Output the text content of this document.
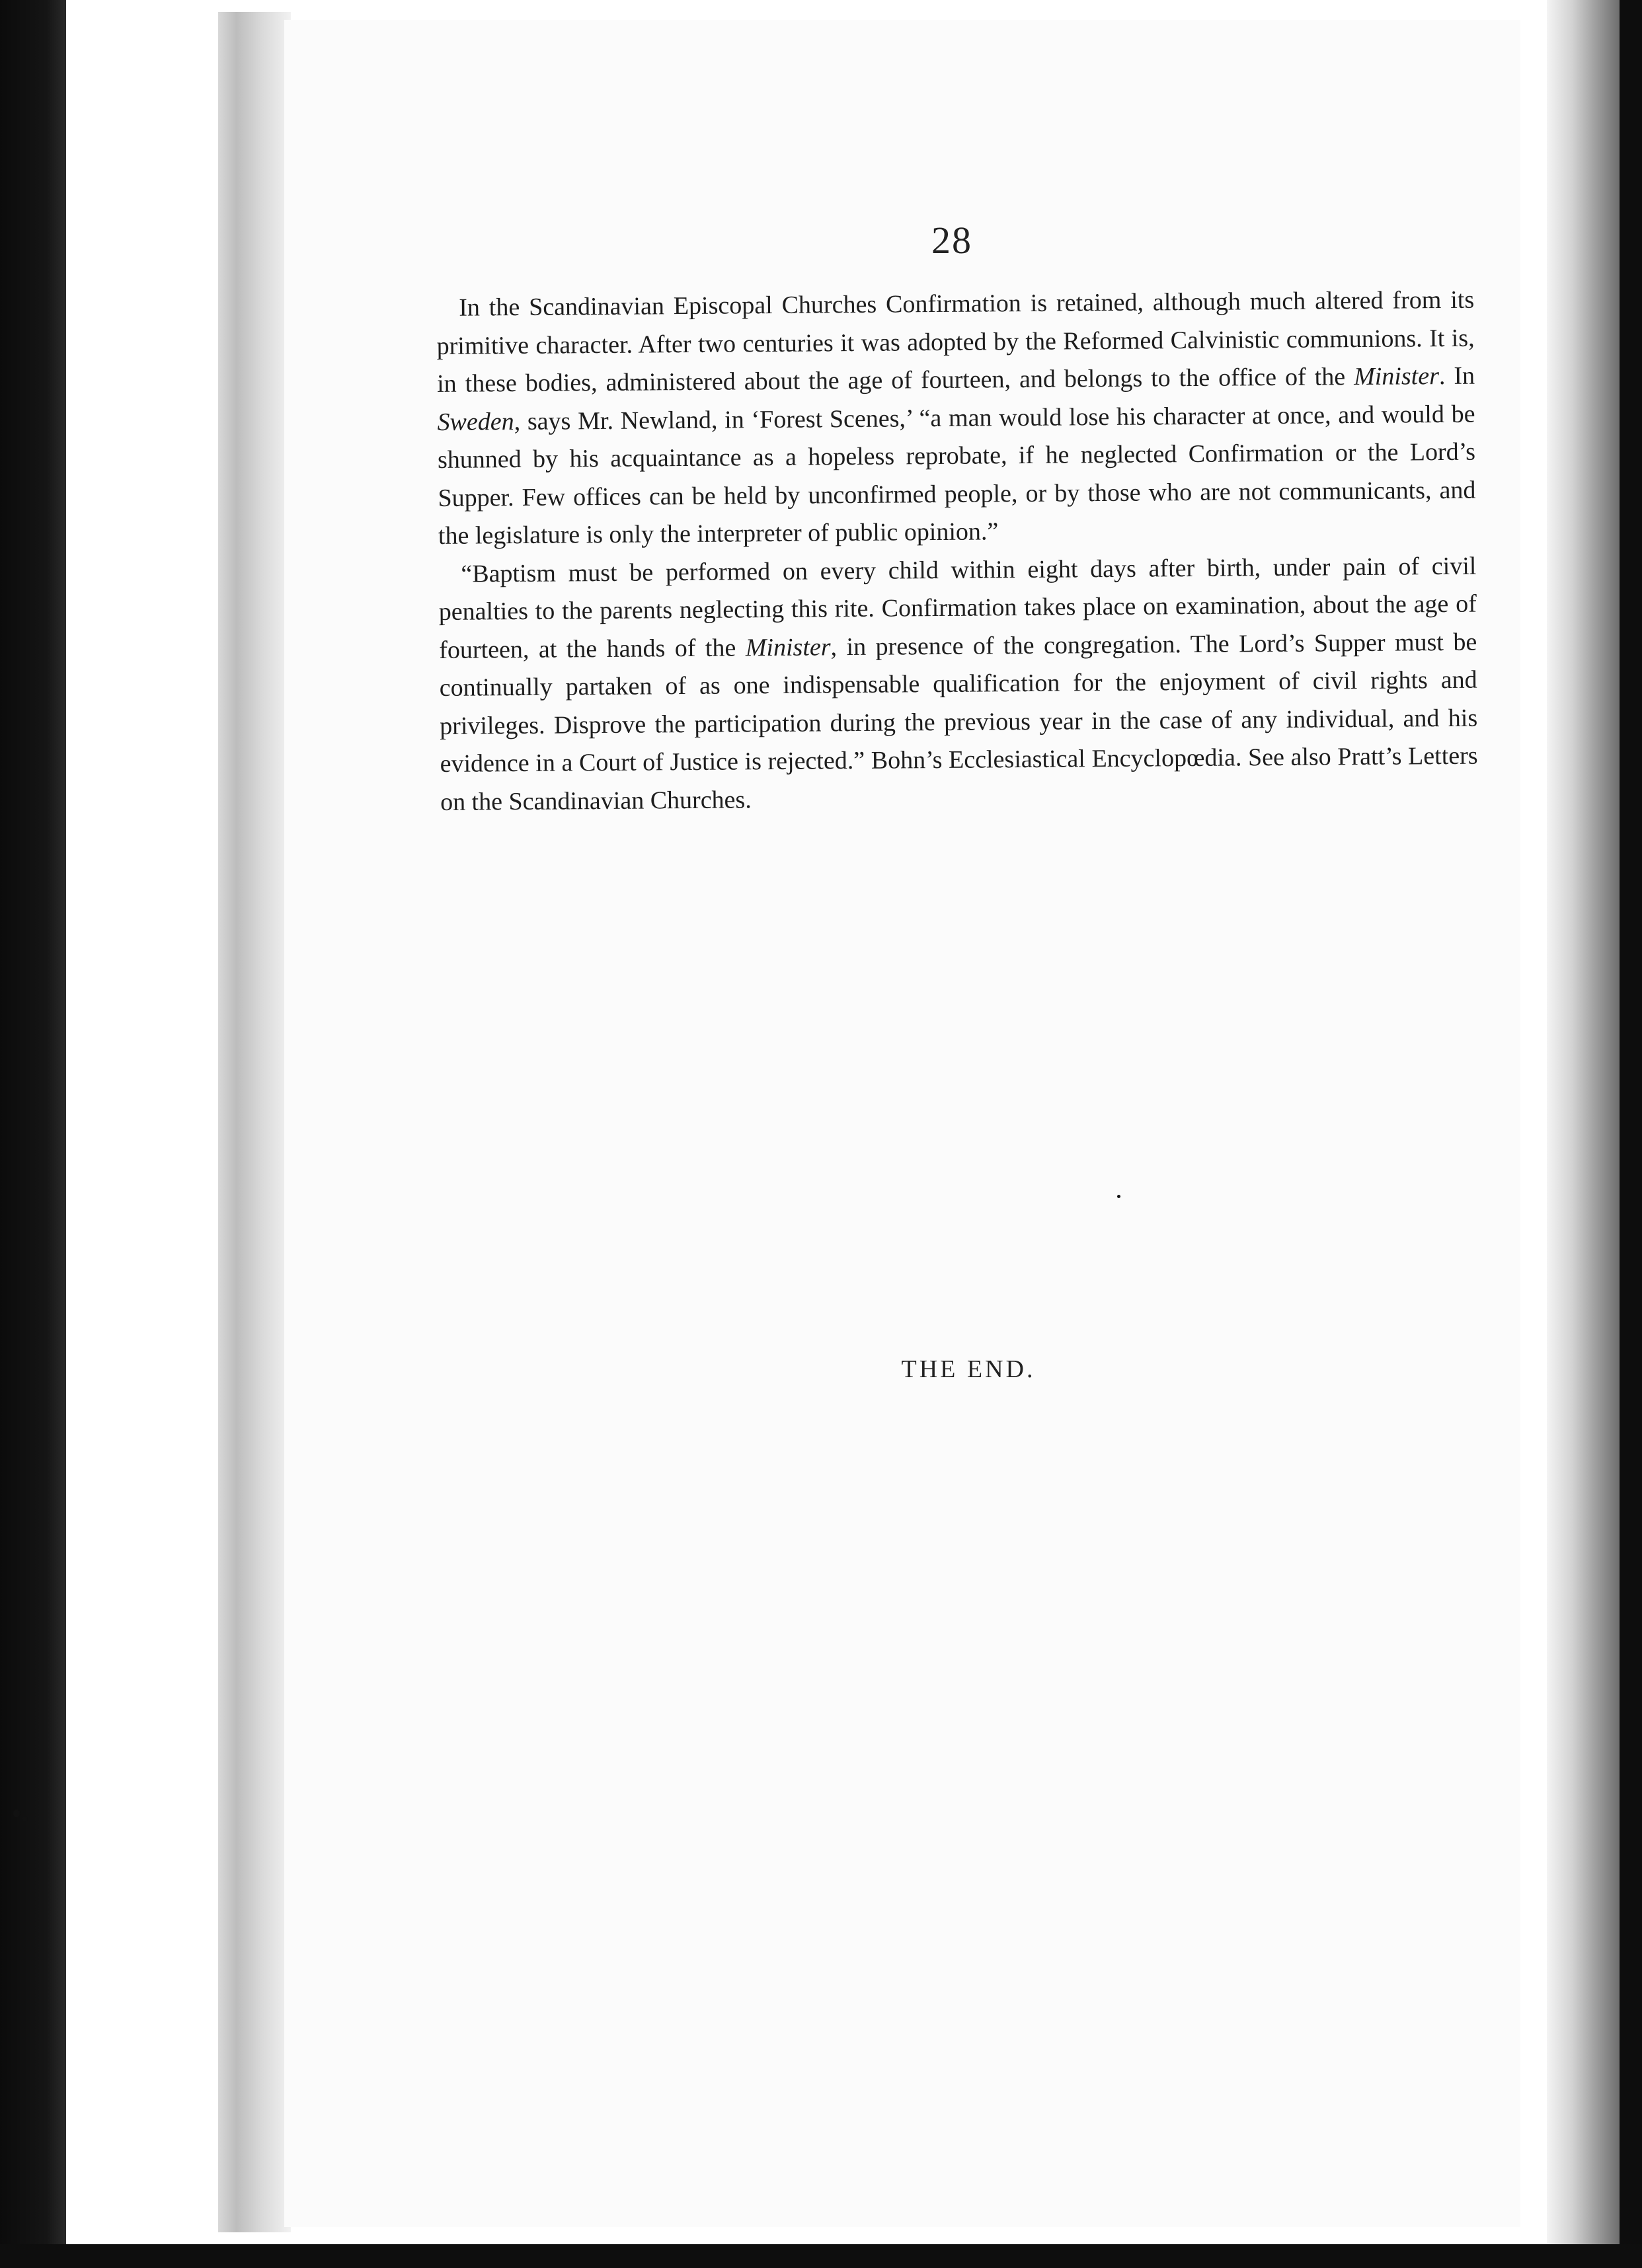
28

In the Scandinavian Episcopal Churches Confirmation is retained, although much altered from its primitive character. After two centuries it was adopted by the Reformed Calvinistic communions. It is, in these bodies, administered about the age of fourteen, and belongs to the office of the Minister. In Sweden, says Mr. Newland, in ‘Forest Scenes,’ “a man would lose his character at once, and would be shunned by his acquaintance as a hopeless reprobate, if he neglected Confirmation or the Lord’s Supper. Few offices can be held by unconfirmed people, or by those who are not communicants, and the legislature is only the interpreter of public opinion.”

“Baptism must be performed on every child within eight days after birth, under pain of civil penalties to the parents neglecting this rite. Confirmation takes place on examination, about the age of fourteen, at the hands of the Minister, in presence of the congregation. The Lord’s Supper must be continually partaken of as one indispensable qualification for the enjoyment of civil rights and privileges. Disprove the participation during the previous year in the case of any individual, and his evidence in a Court of Justice is rejected.” Bohn’s Ecclesiastical Encyclopœdia. See also Pratt’s Letters on the Scandinavian Churches.

THE END.
